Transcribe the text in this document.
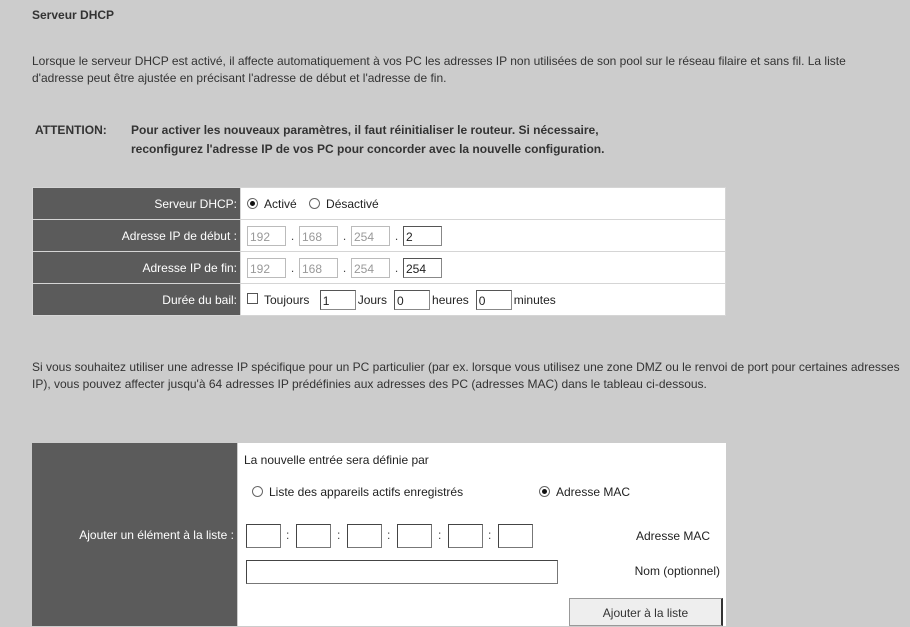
Serveur DHCP
Lorsque le serveur DHCP est activé, il affecte automatiquement à vos PC les adresses IP non utilisées de son pool sur le réseau filaire et sans fil. La liste d'adresse peut être ajustée en précisant l'adresse de début et l'adresse de fin.
ATTENTION: Pour activer les nouveaux paramètres, il faut réinitialiser le routeur. Si nécessaire,
reconfigurez l'adresse IP de vos PC pour concorder avec la nouvelle configuration.
Serveur DHCP:	Activé Désactivé
Adresse IP de début :	192 . 168 . 254 . 2
Adresse IP de fin:	192 . 168 . 254 . 254
Durée du bail:	Toujours 1 Jours 0 heures 0 minutes
Si vous souhaitez utiliser une adresse IP spécifique pour un PC particulier (par ex. lorsque vous utilisez une zone DMZ ou le renvoi de port pour certaines adresses IP), vous pouvez affecter jusqu'à 64 adresses IP prédéfinies aux adresses des PC (adresses MAC) dans le tableau ci-dessous.
Ajouter un élément à la liste :
La nouvelle entrée sera définie par
Liste des appareils actifs enregistrés	Adresse MAC
:	:	:	:	:	Adresse MAC
Nom (optionnel)
Ajouter à la liste
